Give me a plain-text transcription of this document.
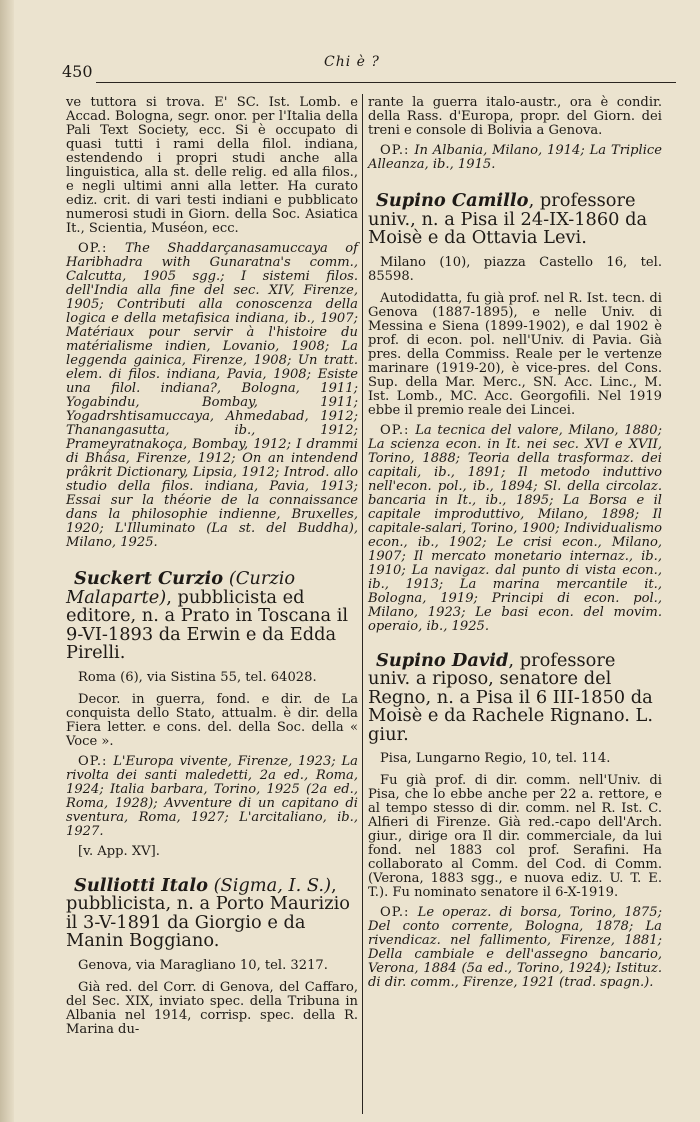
450	Chi è ?

ve tuttora si trova. E' SC. Ist. Lomb. e Accad. Bologna, segr. onor. per l'Italia della Pali Text Society, ecc. Si è occupato di quasi tutti i rami della filol. indiana, estendendo i propri studi anche alla linguistica, alla st. delle relig. ed alla filos., e negli ultimi anni alla letter. Ha curato ediz. crit. di vari testi indiani e pubblicato numerosi studi in Giorn. della Soc. Asiatica It., Scientia, Muséon, ecc.

OP.: The Shaddarçanasamuccaya of Haribhadra with Gunaratna's comm., Calcutta, 1905 sgg.; I sistemi filos. dell'India alla fine del sec. XIV, Firenze, 1905; Contributi alla conoscenza della logica e della metafisica indiana, ib., 1907; Matériaux pour servir à l'histoire du matérialisme indien, Lovanio, 1908; La leggenda gainica, Firenze, 1908; Un tratt. elem. di filos. indiana, Pavia, 1908; Esiste una filol. indiana?, Bologna, 1911; Yogabindu, Bombay, 1911; Yogadrshtisamuccaya, Ahmedabad, 1912; Thanangasutta, ib., 1912; Prameyratnakoça, Bombay, 1912; I drammi di Bhâsa, Firenze, 1912; On an intendend prâkrit Dictionary, Lipsia, 1912; Introd. allo studio della filos. indiana, Pavia, 1913; Essai sur la théorie de la connaissance dans la philosophie indienne, Bruxelles, 1920; L'Illuminato (La st. del Buddha), Milano, 1925.

Suckert Curzio (Curzio Malaparte), pubblicista ed editore, n. a Prato in Toscana il 9-VI-1893 da Erwin e da Edda Pirelli.

Roma (6), via Sistina 55, tel. 64028.

Decor. in guerra, fond. e dir. de La conquista dello Stato, attualm. è dir. della Fiera letter. e cons. del. della Soc. della « Voce ».

OP.: L'Europa vivente, Firenze, 1923; La rivolta dei santi maledetti, 2a ed., Roma, 1924; Italia barbara, Torino, 1925 (2a ed., Roma, 1928); Avventure di un capitano di sventura, Roma, 1927; L'arcitaliano, ib., 1927.

[v. App. XV].

Sulliotti Italo (Sigma, I. S.), pubblicista, n. a Porto Maurizio il 3-V-1891 da Giorgio e da Manin Boggiano.

Genova, via Maragliano 10, tel. 3217.

Già red. del Corr. di Genova, del Caffaro, del Sec. XIX, inviato spec. della Tribuna in Albania nel 1914, corrisp. spec. della R. Marina du-

rante la guerra italo-austr., ora è condir. della Rass. d'Europa, propr. del Giorn. dei treni e console di Bolivia a Genova.

OP.: In Albania, Milano, 1914; La Triplice Alleanza, ib., 1915.

Supino Camillo, professore univ., n. a Pisa il 24-IX-1860 da Moisè e da Ottavia Levi.

Milano (10), piazza Castello 16, tel. 85598.

Autodidatta, fu già prof. nel R. Ist. tecn. di Genova (1887-1895), e nelle Univ. di Messina e Siena (1899-1902), e dal 1902 è prof. di econ. pol. nell'Univ. di Pavia. Già pres. della Commiss. Reale per le vertenze marinare (1919-20), è vice-pres. del Cons. Sup. della Mar. Merc., SN. Acc. Linc., M. Ist. Lomb., MC. Acc. Georgofili. Nel 1919 ebbe il premio reale dei Lincei.

OP.: La tecnica del valore, Milano, 1880; La scienza econ. in It. nei sec. XVI e XVII, Torino, 1888; Teoria della trasformaz. dei capitali, ib., 1891; Il metodo induttivo nell'econ. pol., ib., 1894; Sl. della circolaz. bancaria in It., ib., 1895; La Borsa e il capitale improduttivo, Milano, 1898; Il capitale-salari, Torino, 1900; Individualismo econ., ib., 1902; Le crisi econ., Milano, 1907; Il mercato monetario internaz., ib., 1910; La navigaz. dal punto di vista econ., ib., 1913; La marina mercantile it., Bologna, 1919; Principi di econ. pol., Milano, 1923; Le basi econ. del movim. operaio, ib., 1925.

Supino David, professore univ. a riposo, senatore del Regno, n. a Pisa il 6 III-1850 da Moisè e da Rachele Rignano. L. giur.

Pisa, Lungarno Regio, 10, tel. 114.

Fu già prof. di dir. comm. nell'Univ. di Pisa, che lo ebbe anche per 22 a. rettore, e al tempo stesso di dir. comm. nel R. Ist. C. Alfieri di Firenze. Già red.-capo dell'Arch. giur., dirige ora Il dir. commerciale, da lui fond. nel 1883 col prof. Serafini. Ha collaborato al Comm. del Cod. di Comm. (Verona, 1883 sgg., e nuova ediz. U. T. E. T.). Fu nominato senatore il 6-X-1919.

OP.: Le operaz. di borsa, Torino, 1875; Del conto corrente, Bologna, 1878; La rivendicaz. nel fallimento, Firenze, 1881; Della cambiale e dell'assegno bancario, Verona, 1884 (5a ed., Torino, 1924); Istituz. di dir. comm., Firenze, 1921 (trad. spagn.).
